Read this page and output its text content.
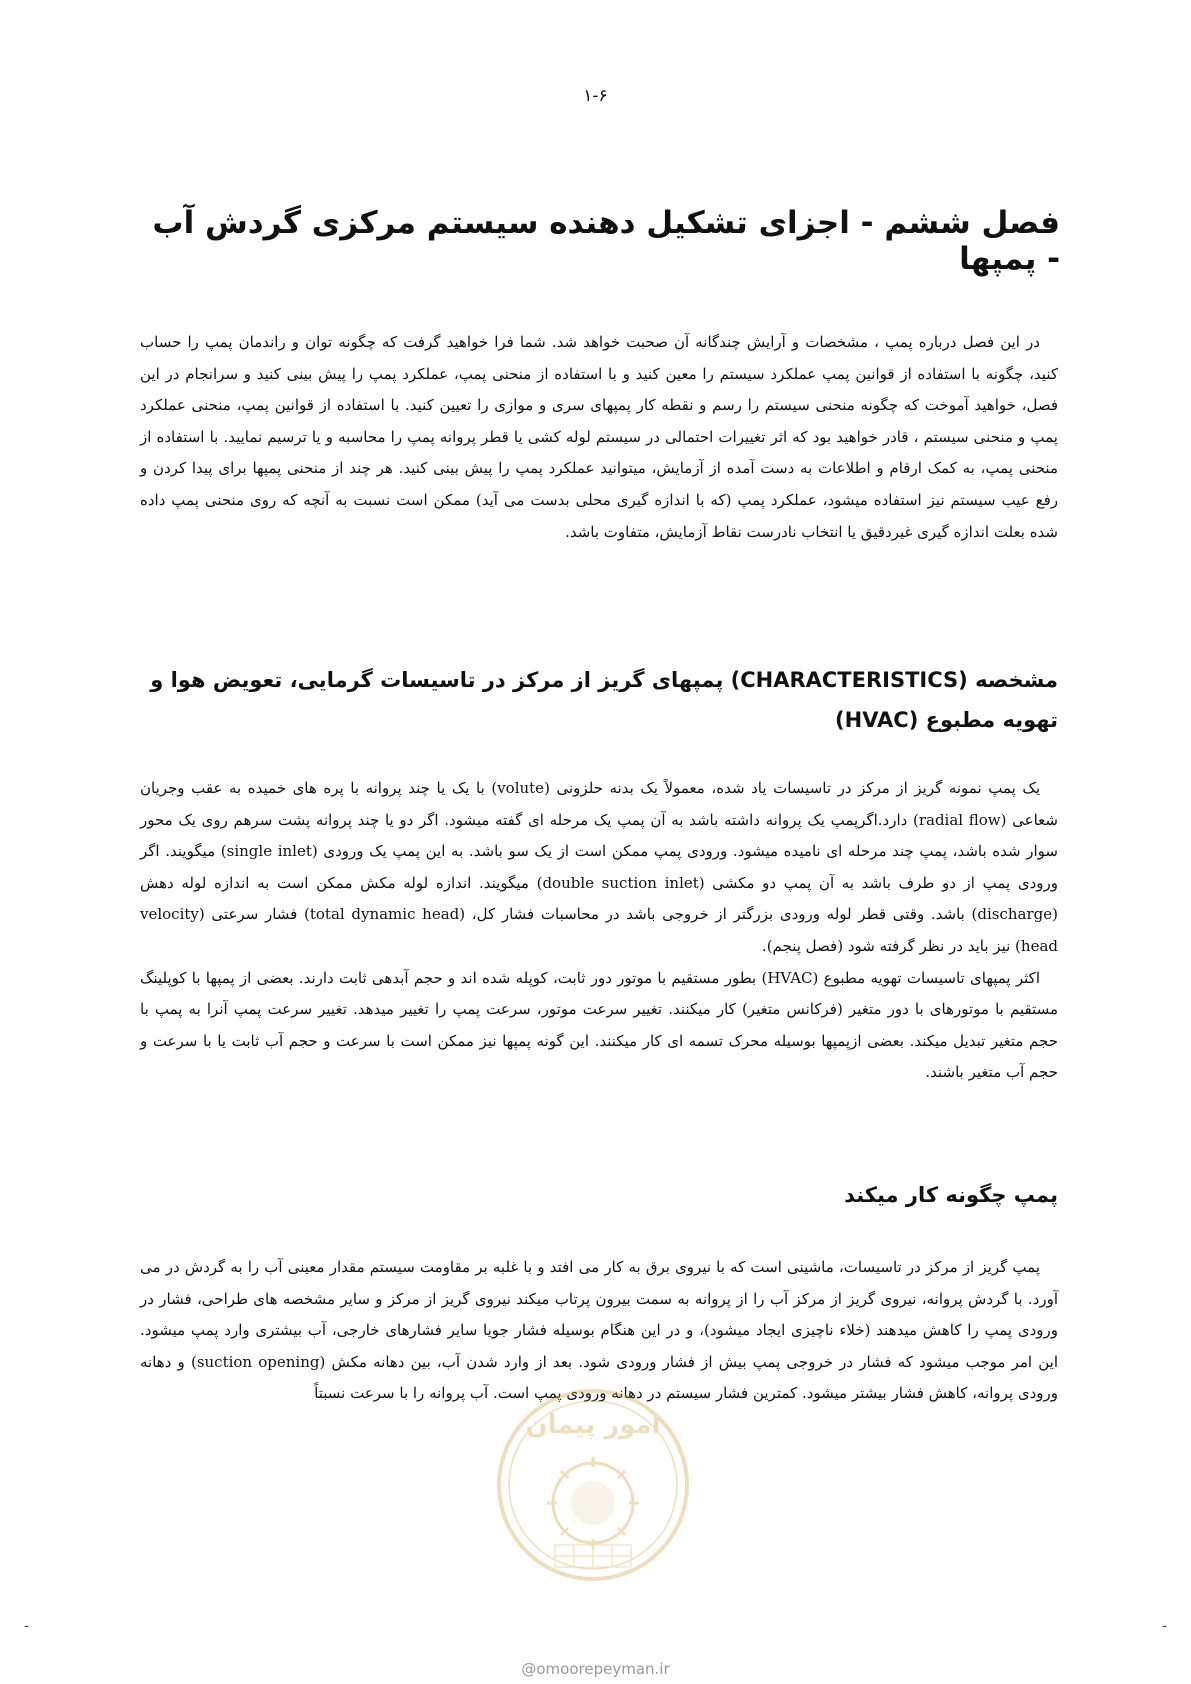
۱-۶
فصل ششم - اجزای تشکیل دهنده سیستم مرکزی گردش آب - پمپها

در این فصل درباره پمپ ، مشخصات و آرایش چندگانه آن صحبت خواهد شد. شما فرا خواهید گرفت که چگونه توان و راندمان پمپ را حساب کنید، چگونه با استفاده از قوانین پمپ عملکرد سیستم را معین کنید و با استفاده از منحنی پمپ، عملکرد پمپ را پیش بینی کنید و سرانجام در این فصل، خواهید آموخت که چگونه منحنی سیستم را رسم و نقطه کار پمپهای سری و موازی را تعیین کنید. با استفاده از قوانین پمپ، منحنی عملکرد پمپ و منحنی سیستم ، قادر خواهید بود که اثر تغییرات احتمالی در سیستم لوله کشی یا قطر پروانه پمپ را محاسبه و یا ترسیم نمایید. با استفاده از منحنی پمپ، به کمک ارقام و اطلاعات به دست آمده از آزمایش، میتوانید عملکرد پمپ را پیش بینی کنید. هر چند از منحنی پمپها برای پیدا کردن و رفع عیب سیستم نیز استفاده میشود، عملکرد پمپ (که با اندازه گیری محلی بدست می آید) ممکن است نسبت به آنچه که روی منحنی پمپ داده شده بعلت اندازه گیری غیردقیق یا انتخاب نادرست نقاط آزمایش، متفاوت باشد.

مشخصه (CHARACTERISTICS) پمپهای گریز از مرکز در تاسیسات گرمایی، تعویض هوا و تهویه مطبوع (HVAC)

یک پمپ نمونه گریز از مرکز در تاسیسات یاد شده، معمولاً یک بدنه حلزونی (volute) با یک یا چند پروانه با پره های خمیده به عقب وجریان شعاعی (radial flow) دارد.اگرپمپ یک پروانه داشته باشد به آن پمپ یک مرحله ای گفته میشود. اگر دو یا چند پروانه پشت سرهم روی یک محور سوار شده باشد، پمپ چند مرحله ای نامیده میشود. ورودی پمپ ممکن است از یک سو باشد. به این پمپ یک ورودی (single inlet) میگویند. اگر ورودی پمپ از دو طرف باشد به آن پمپ دو مکشی (double suction inlet) میگویند. اندازه لوله مکش ممکن است به اندازه لوله دهش (discharge) باشد. وقتی قطر لوله ورودی بزرگتر از خروجی باشد در محاسبات فشار کل، (total dynamic head) فشار سرعتی (velocity head) نیز باید در نظر گرفته شود (فصل پنجم).

اکثر پمپهای تاسیسات تهویه مطبوع (HVAC) بطور مستقیم با موتور دور ثابت، کوپله شده اند و حجم آبدهی ثابت دارند. بعضی از پمپها با کوپلینگ مستقیم با موتورهای با دور متغیر (فرکانس متغیر) کار میکنند. تغییر سرعت موتور، سرعت پمپ را تغییر میدهد. تغییر سرعت پمپ آنرا به پمپ با حجم متغیر تبدیل میکند. بعضی ازپمپها بوسیله محرک تسمه ای کار میکنند. این گونه پمپها نیز ممکن است با سرعت و حجم آب ثابت یا با سرعت و حجم آب متغیر باشند.

پمپ چگونه کار میکند

پمپ گریز از مرکز در تاسیسات، ماشینی است که با نیروی برق به کار می افتد و با غلبه بر مقاومت سیستم مقدار معینی آب را به گردش در می آورد. با گردش پروانه، نیروی گریز از مرکز آب را از پروانه به سمت بیرون پرتاب میکند نیروی گریز از مرکز و سایر مشخصه های طراحی، فشار در ورودی پمپ را کاهش میدهند (خلاء ناچیزی ایجاد میشود)، و در این هنگام بوسیله فشار جویا سایر فشارهای خارجی، آب بیشتری وارد پمپ میشود. این امر موجب میشود که فشار در خروجی پمپ بیش از فشار ورودی شود. بعد از وارد شدن آب، بین دهانه مکش (suction opening) و دهانه ورودی پروانه، کاهش فشار بیشتر میشود. کمترین فشار سیستم در دهانه ورودی پمپ است. آب پروانه را با سرعت نسبتاً

امور پیمان
-	-
@omoorepeyman.ir
